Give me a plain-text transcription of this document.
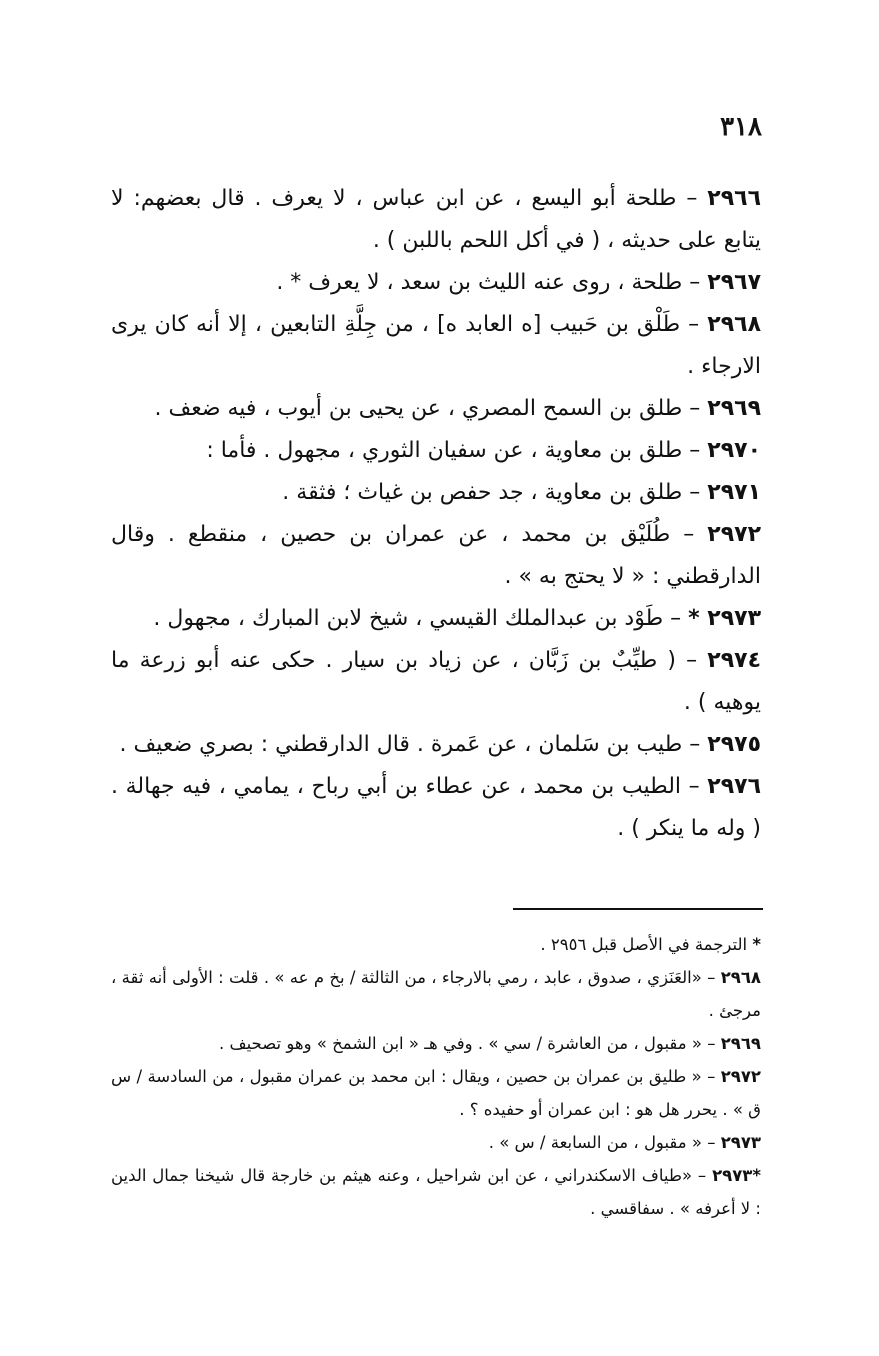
٣١٨

٢٩٦٦ – طلحة أبو اليسع ، عن ابن عباس ، لا يعرف . قال بعضهم: لا يتابع على حديثه ، ( في أكل اللحم باللبن ) .

٢٩٦٧ – طلحة ، روى عنه الليث بن سعد ، لا يعرف * .

٢٩٦٨ – طَلْق بن حَبيب [ه العابد ه] ، من جِلَّةِ التابعين ، إلا أنه كان يرى الارجاء .

٢٩٦٩ – طلق بن السمح المصري ، عن يحيى بن أيوب ، فيه ضعف .

٢٩٧٠ – طلق بن معاوية ، عن سفيان الثوري ، مجهول . فأما :

٢٩٧١ – طلق بن معاوية ، جد حفص بن غياث ؛ فثقة .

٢٩٧٢ – طُلَيْق بن محمد ، عن عمران بن حصين ، منقطع . وقال الدارقطني : « لا يحتج به » .

٢٩٧٣ * – طَوْد بن عبدالملك القيسي ، شيخ لابن المبارك ، مجهول .

٢٩٧٤ – ( طيِّبٌ بن زَبَّان ، عن زياد بن سيار . حكى عنه أبو زرعة ما يوهيه ) .

٢٩٧٥ – طيب بن سَلمان ، عن عَمرة . قال الدارقطني : بصري ضعيف .

٢٩٧٦ – الطيب بن محمد ، عن عطاء بن أبي رباح ، يمامي ، فيه جهالة . ( وله ما ينكر ) .

* الترجمة في الأصل قبل ٢٩٥٦ .

٢٩٦٨ – «العَنَزي ، صدوق ، عابد ، رمي بالارجاء ، من الثالثة / بخ م عه » . قلت : الأولى أنه ثقة ، مرجئ .

٢٩٦٩ – « مقبول ، من العاشرة / سي » . وفي هـ « ابن الشمخ » وهو تصحيف .

٢٩٧٢ – « طليق بن عمران بن حصين ، ويقال : ابن محمد بن عمران مقبول ، من السادسة / س ق » . يحرر هل هو : ابن عمران أو حفيده ؟ .

٢٩٧٣ – « مقبول ، من السابعة / س » .

*٢٩٧٣ – «طياف الاسكندراني ، عن ابن شراحيل ، وعنه هيثم بن خارجة قال شيخنا جمال الدين : لا أعرفه » . سفاقسي .
